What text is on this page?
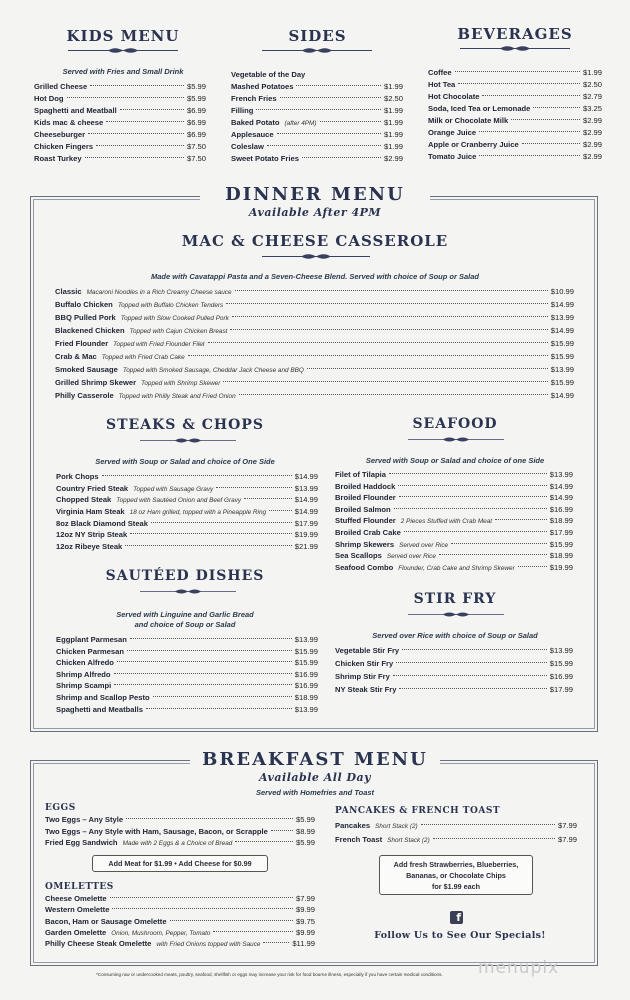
KIDS MENU
Served with Fries and Small Drink
Grilled Cheese	$5.99
Hot Dog	$5.99
Spaghetti and Meatball	$6.99
Kids mac & cheese	$6.99
Cheeseburger	$6.99
Chicken Fingers	$7.50
Roast Turkey	$7.50
SIDES
Vegetable of the Day
Mashed Potatoes	$1.99
French Fries	$2.50
Filling	$1.99
Baked Potato (after 4PM)	$1.99
Applesauce	$1.99
Coleslaw	$1.99
Sweet Potato Fries	$2.99
BEVERAGES
Coffee	$1.99
Hot Tea	$2.50
Hot Chocolate	$2.79
Soda, Iced Tea or Lemonade	$3.25
Milk or Chocolate Milk	$2.99
Orange Juice	$2.99
Apple or Cranberry Juice	$2.99
Tomato Juice	$2.99
DINNER MENU
Available After 4PM
MAC & CHEESE CASSEROLE
Made with Cavatappi Pasta and a Seven-Cheese Blend. Served with choice of Soup or Salad
Classic Macaroni Noodles in a Rich Creamy Cheese sauce	$10.99
Buffalo Chicken Topped with Buffalo Chicken Tenders	$14.99
BBQ Pulled Pork Topped with Slow Cooked Pulled Pork	$13.99
Blackened Chicken Topped with Cajun Chicken Breast	$14.99
Fried Flounder Topped with Fried Flounder Filet	$15.99
Crab & Mac Topped with Fried Crab Cake	$15.99
Smoked Sausage Topped with Smoked Sausage, Cheddar Jack Cheese and BBQ	$13.99
Grilled Shrimp Skewer Topped with Shrimp Skewer	$15.99
Philly Casserole Topped with Philly Steak and Fried Onion	$14.99
STEAKS & CHOPS
Served with Soup or Salad and choice of One Side
Pork Chops	$14.99
Country Fried Steak Topped with Sausage Gravy	$13.99
Chopped Steak Topped with Sautéed Onion and Beef Gravy	$14.99
Virginia Ham Steak 18 oz Ham grilled, topped with a Pineapple Ring	$14.99
8oz Black Diamond Steak	$17.99
12oz NY Strip Steak	$19.99
12oz Ribeye Steak	$21.99
SEAFOOD
Served with Soup or Salad and choice of one Side
Filet of Tilapia	$13.99
Broiled Haddock	$14.99
Broiled Flounder	$14.99
Broiled Salmon	$16.99
Stuffed Flounder 2 Pieces Stuffed with Crab Meat	$18.99
Broiled Crab Cake	$17.99
Shrimp Skewers Served over Rice	$15.99
Sea Scallops Served over Rice	$18.99
Seafood Combo Flounder, Crab Cake and Shrimp Skewer	$19.99
SAUTÉED DISHES
Served with Linguine and Garlic Bread
and choice of Soup or Salad
Eggplant Parmesan	$13.99
Chicken Parmesan	$15.99
Chicken Alfredo	$15.99
Shrimp Alfredo	$16.99
Shrimp Scampi	$16.99
Shrimp and Scallop Pesto	$18.99
Spaghetti and Meatballs	$13.99
STIR FRY
Served over Rice with choice of Soup or Salad
Vegetable Stir Fry	$13.99
Chicken Stir Fry	$15.99
Shrimp Stir Fry	$16.99
NY Steak Stir Fry	$17.99
BREAKFAST MENU
Available All Day
Served with Homefries and Toast
EGGS
Two Eggs – Any Style	$5.99
Two Eggs – Any Style with Ham, Sausage, Bacon, or Scrapple	$8.99
Fried Egg Sandwich Made with 2 Eggs & a Choice of Bread	$5.99
Add Meat for $1.99 • Add Cheese for $0.99
OMELETTES
Cheese Omelette	$7.99
Western Omelette	$9.99
Bacon, Ham or Sausage Omelette	$9.75
Garden Omelette Onion, Mushroom, Pepper, Tomato	$9.99
Philly Cheese Steak Omelette with Fried Onions topped with Sauce	$11.99
PANCAKES & FRENCH TOAST
Pancakes Short Stack (2)	$7.99
French Toast Short Stack (2)	$7.99
Add fresh Strawberries, Blueberries,
Bananas, or Chocolate Chips
for $1.99 each
f
Follow Us to See Our Specials!
*Consuming raw or undercooked meats, poultry, seafood, shellfish or eggs may increase your risk for food bourne illness, especially if you have certain medical conditions. menupix
